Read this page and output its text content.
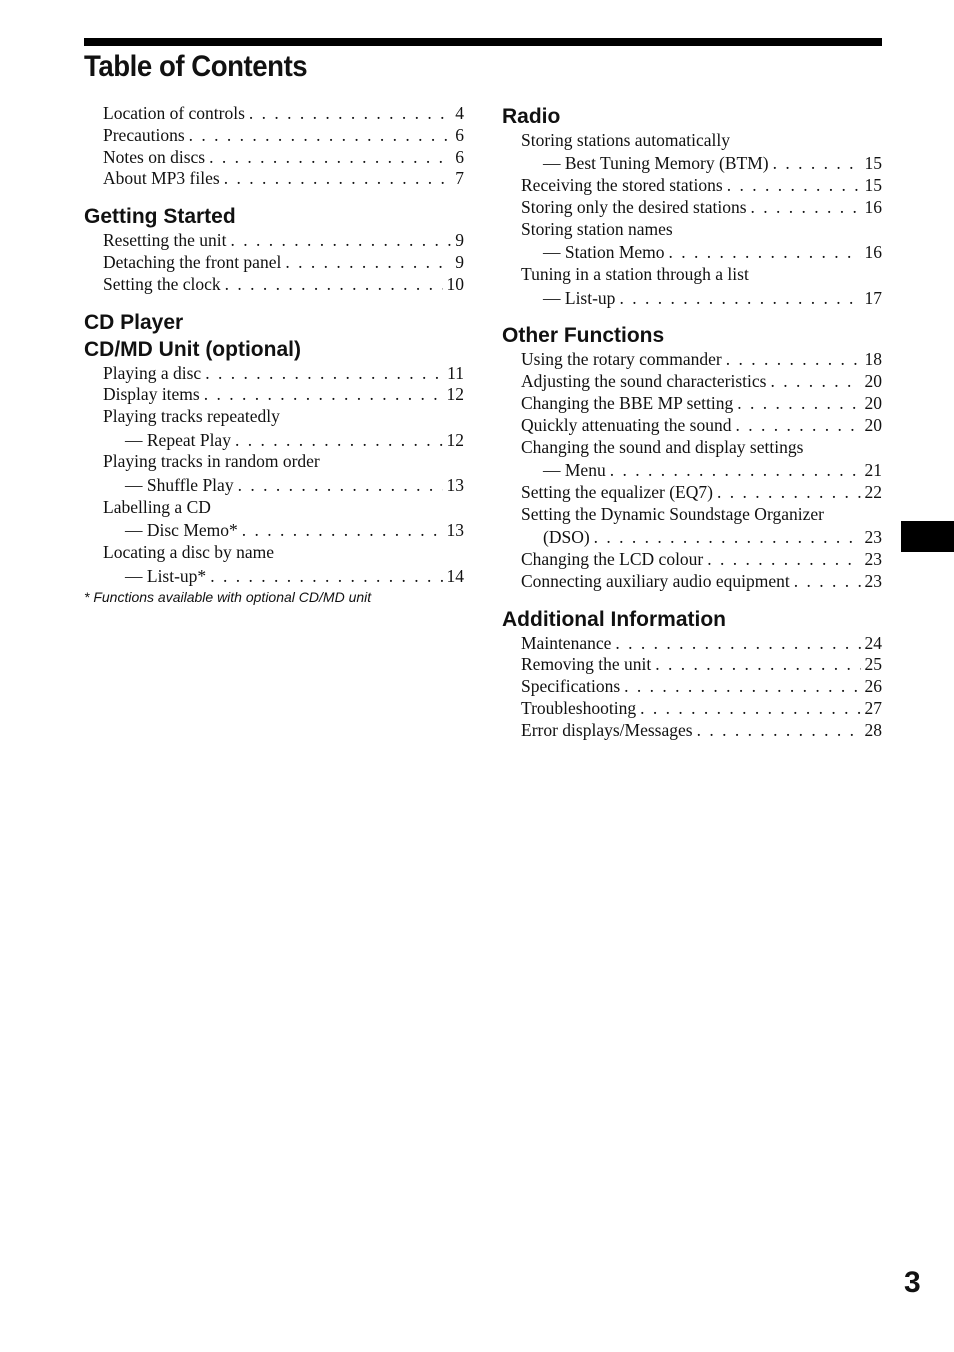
Table of Contents
Location of controls . . .	4
Precautions . . .	6
Notes on discs . . .	6
About MP3 files . . .	7
Getting Started
Resetting the unit . . .	9
Detaching the front panel . . .	9
Setting the clock . . .	10
CD Player
CD/MD Unit (optional)
Playing a disc . . .	11
Display items . . .	12
Playing tracks repeatedly
— Repeat Play . . .	12
Playing tracks in random order
— Shuffle Play . . .	13
Labelling a CD
— Disc Memo* . . .	13
Locating a disc by name
— List-up* . . .	14
* Functions available with optional CD/MD unit
Radio
Storing stations automatically
— Best Tuning Memory (BTM) . . .	15
Receiving the stored stations . . .	15
Storing only the desired stations . . .	16
Storing station names
— Station Memo . . .	16
Tuning in a station through a list
— List-up . . .	17
Other Functions
Using the rotary commander . . .	18
Adjusting the sound characteristics . . .	20
Changing the BBE MP setting . . .	20
Quickly attenuating the sound . . .	20
Changing the sound and display settings
— Menu . . .	21
Setting the equalizer (EQ7) . . .	22
Setting the Dynamic Soundstage Organizer
(DSO) . . .	23
Changing the LCD colour . . .	23
Connecting auxiliary audio equipment . . .	23
Additional Information
Maintenance . . .	24
Removing the unit . . .	25
Specifications . . .	26
Troubleshooting . . .	27
Error displays/Messages . . .	28
3
